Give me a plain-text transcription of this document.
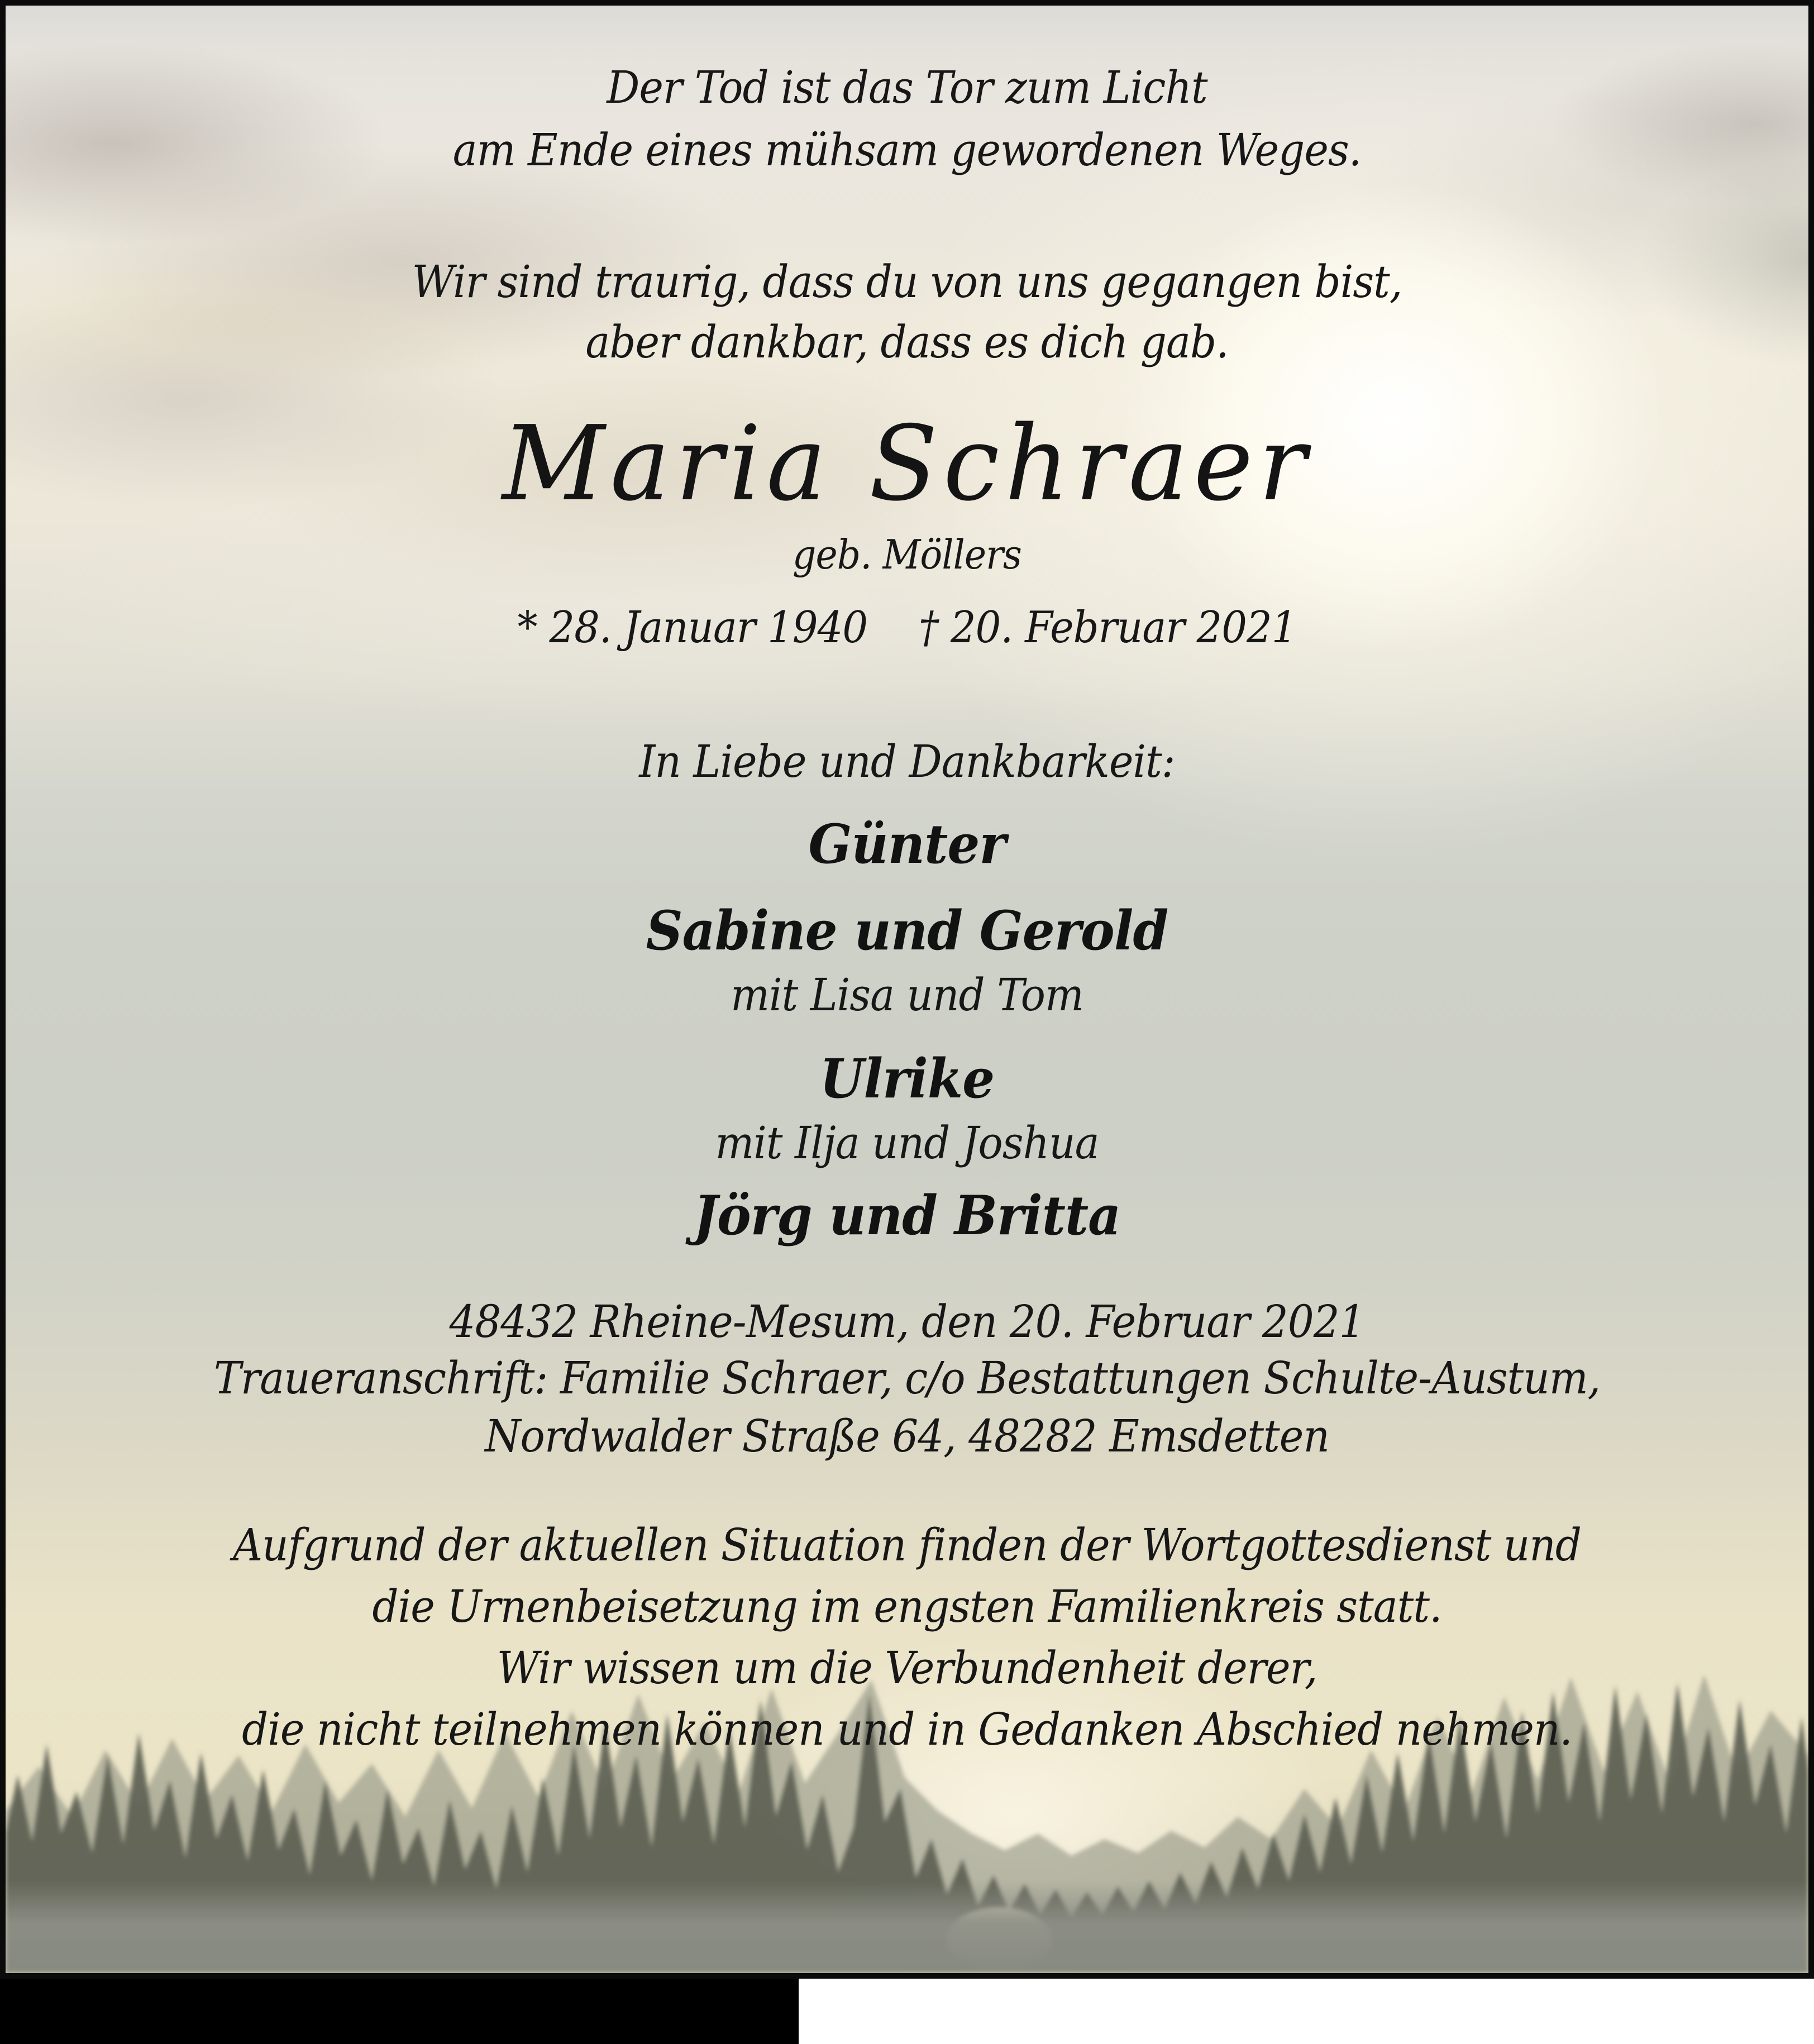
Der Tod ist das Tor zum Licht
am Ende eines mühsam gewordenen Weges.
Wir sind traurig, dass du von uns gegangen bist,
aber dankbar, dass es dich gab.
Maria Schraer
geb. Möllers
* 28. Januar 1940 † 20. Februar 2021
In Liebe und Dankbarkeit:
Günter
Sabine und Gerold
mit Lisa und Tom
Ulrike
mit Ilja und Joshua
Jörg und Britta
48432 Rheine-Mesum, den 20. Februar 2021
Traueranschrift: Familie Schraer, c/o Bestattungen Schulte-Austum,
Nordwalder Straße 64, 48282 Emsdetten
Aufgrund der aktuellen Situation finden der Wortgottesdienst und
die Urnenbeisetzung im engsten Familienkreis statt.
Wir wissen um die Verbundenheit derer,
die nicht teilnehmen können und in Gedanken Abschied nehmen.
